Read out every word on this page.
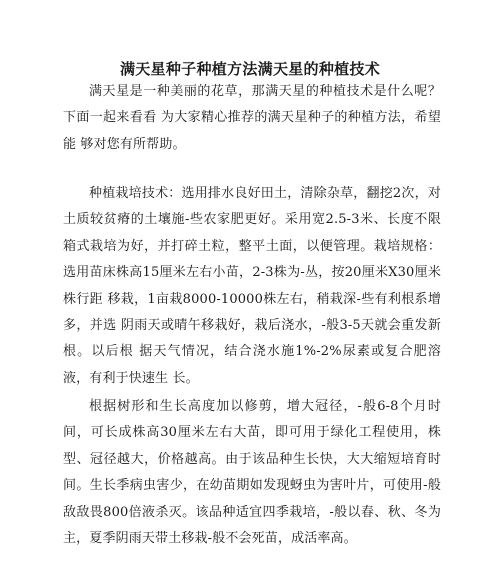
满天星种子种植方法满天星的种植技术

满天星是一种美丽的花草，那满天星的种植技术是什么呢？下面一起来看看 为大家精心推荐的满天星种子的种植方法，希望能 够对您有所帮助。

种植栽培技术：选用排水良好田土，清除杂草，翻挖2次，对土质较贫瘠的土壤施-些农家肥更好。采用宽2.5-3米、长度不限箱式栽培为好，并打碎土粒，整平土面，以便管理。栽培规格：选用苗床株高15厘米左右小苗，2-3株为-丛，按20厘米X30厘米株行距 移栽，1亩栽8000-10000株左右，稍栽深-些有利根系增多，并选 阴雨天或晴午移栽好，栽后浇水，-般3-5天就会重发新根。以后根 据天气情况，结合浇水施1%-2%尿素或复合肥溶液，有利于快速生 长。

根据树形和生长高度加以修剪，增大冠径，-般6-8个月时间，可长成株高30厘米左右大苗，即可用于绿化工程使用，株型、冠径越大，价格越高。由于该品种生长快，大大缩短培育时间。生长季病虫害少，在幼苗期如发现蚜虫为害叶片，可使用-般敌敌畏800倍液杀灭。该品种适宜四季栽培，-般以春、秋、冬为主，夏季阴雨天带土移栽-般不会死苗，成活率高。
